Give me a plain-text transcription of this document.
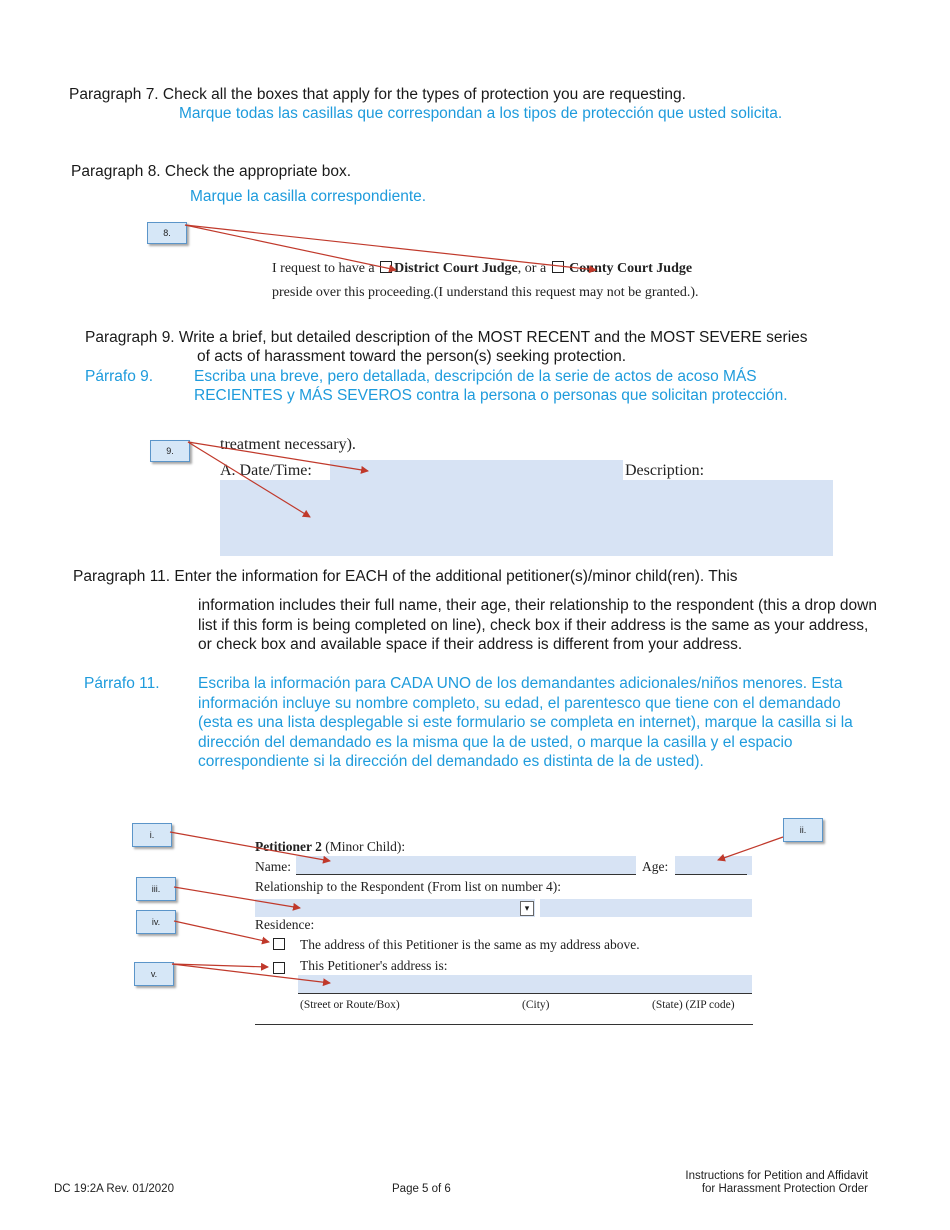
Paragraph 7. Check all the boxes that apply for the types of protection you are requesting.
Marque todas las casillas que correspondan a los tipos de protección que usted solicita.
Paragraph 8. Check the appropriate box.
Marque la casilla correspondiente.
8.
I request to have a District Court Judge, or a County Court Judge
preside over this proceeding.(I understand this request may not be granted.).
Paragraph 9. Write a brief, but detailed description of the MOST RECENT and the MOST SEVERE series
of acts of harassment toward the person(s) seeking protection.
Párrafo 9.	Escriba una breve, pero detallada, descripción de la serie de actos de acoso MÁS
RECIENTES y MÁS SEVEROS contra la persona o personas que solicitan protección.
9.	treatment necessary).
A. Date/Time:	Description:
Paragraph 11. Enter the information for EACH of the additional petitioner(s)/minor child(ren). This
information includes their full name, their age, their relationship to the respondent (this a drop down list if this form is being completed on line), check box if their address is the same as your address, or check box and available space if their address is different from your address.
Párrafo 11. Escriba la información para CADA UNO de los demandantes adicionales/niños menores. Esta información incluye su nombre completo, su edad, el parentesco que tiene con el demandado (esta es una lista desplegable si este formulario se completa en internet), marque la casilla si la dirección del demandado es la misma que la de usted, o marque la casilla y el espacio correspondiente si la dirección del demandado es distinta de la de usted).
i.	ii.
iii.
iv.
v.
Petitioner 2 (Minor Child):
Name:	Age:
Relationship to the Respondent (From list on number 4):
▾
Residence:
The address of this Petitioner is the same as my address above.
This Petitioner's address is:
(Street or Route/Box)	(City)	(State) (ZIP code)
DC 19:2A Rev. 01/2020	Page 5 of 6
Instructions for Petition and Affidavit
for Harassment Protection Order
